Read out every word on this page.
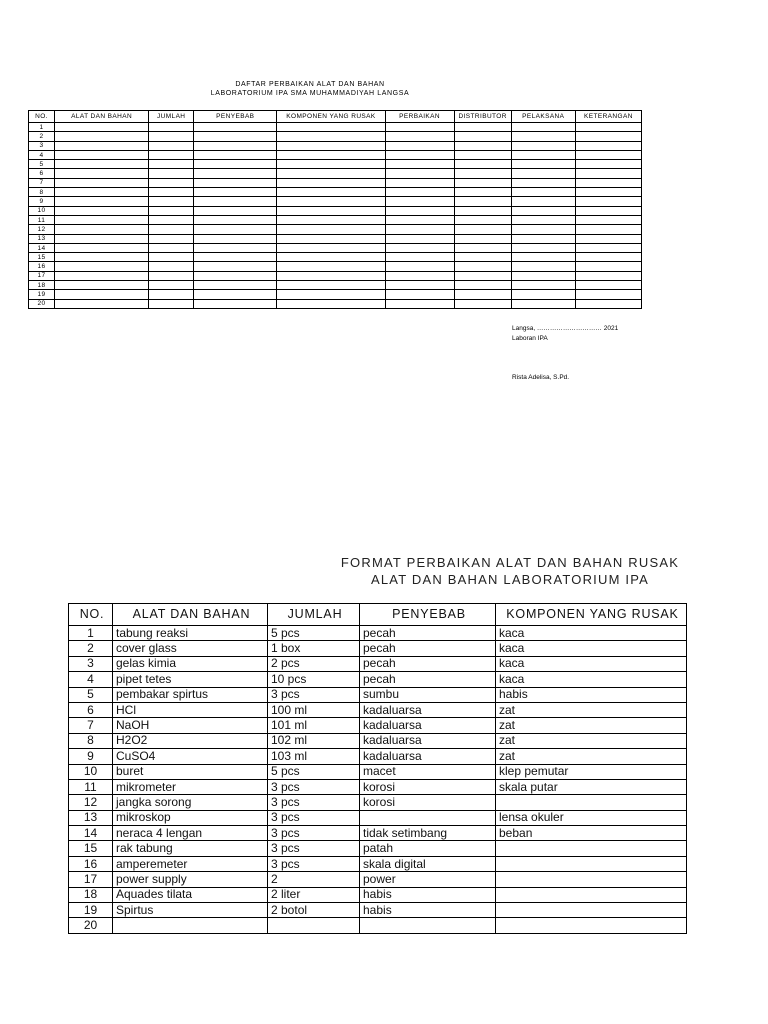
DAFTAR PERBAIKAN ALAT DAN BAHAN
LABORATORIUM IPA SMA MUHAMMADIYAH LANGSA
NO.	ALAT DAN BAHAN	JUMLAH	PENYEBAB	KOMPONEN YANG RUSAK	PERBAIKAN	DISTRIBUTOR	PELAKSANA	KETERANGAN
1								
2								
3								
4								
5								
6								
7								
8								
9								
10								
11								
12								
13								
14								
15								
16								
17								
18								
19								
20								
Langsa, ………………………… 2021
Laboran IPA
Rista Adelisa, S.Pd.
FORMAT PERBAIKAN ALAT DAN BAHAN RUSAK
ALAT DAN BAHAN LABORATORIUM IPA
NO.	ALAT DAN BAHAN	JUMLAH	PENYEBAB	KOMPONEN YANG RUSAK
1	tabung reaksi	5 pcs	pecah	kaca
2	cover glass	1 box	pecah	kaca
3	gelas kimia	2 pcs	pecah	kaca
4	pipet tetes	10 pcs	pecah	kaca
5	pembakar spirtus	3 pcs	sumbu	habis
6	HCl	100 ml	kadaluarsa	zat
7	NaOH	101 ml	kadaluarsa	zat
8	H2O2	102 ml	kadaluarsa	zat
9	CuSO4	103 ml	kadaluarsa	zat
10	buret	5 pcs	macet	klep pemutar
11	mikrometer	3 pcs	korosi	skala putar
12	jangka sorong	3 pcs	korosi	
13	mikroskop	3 pcs		lensa okuler
14	neraca 4 lengan	3 pcs	tidak setimbang	beban
15	rak tabung	3 pcs	patah	
16	amperemeter	3 pcs	skala digital	
17	power supply	2	power	
18	Aquades tilata	2 liter	habis	
19	Spirtus	2 botol	habis	
20				
